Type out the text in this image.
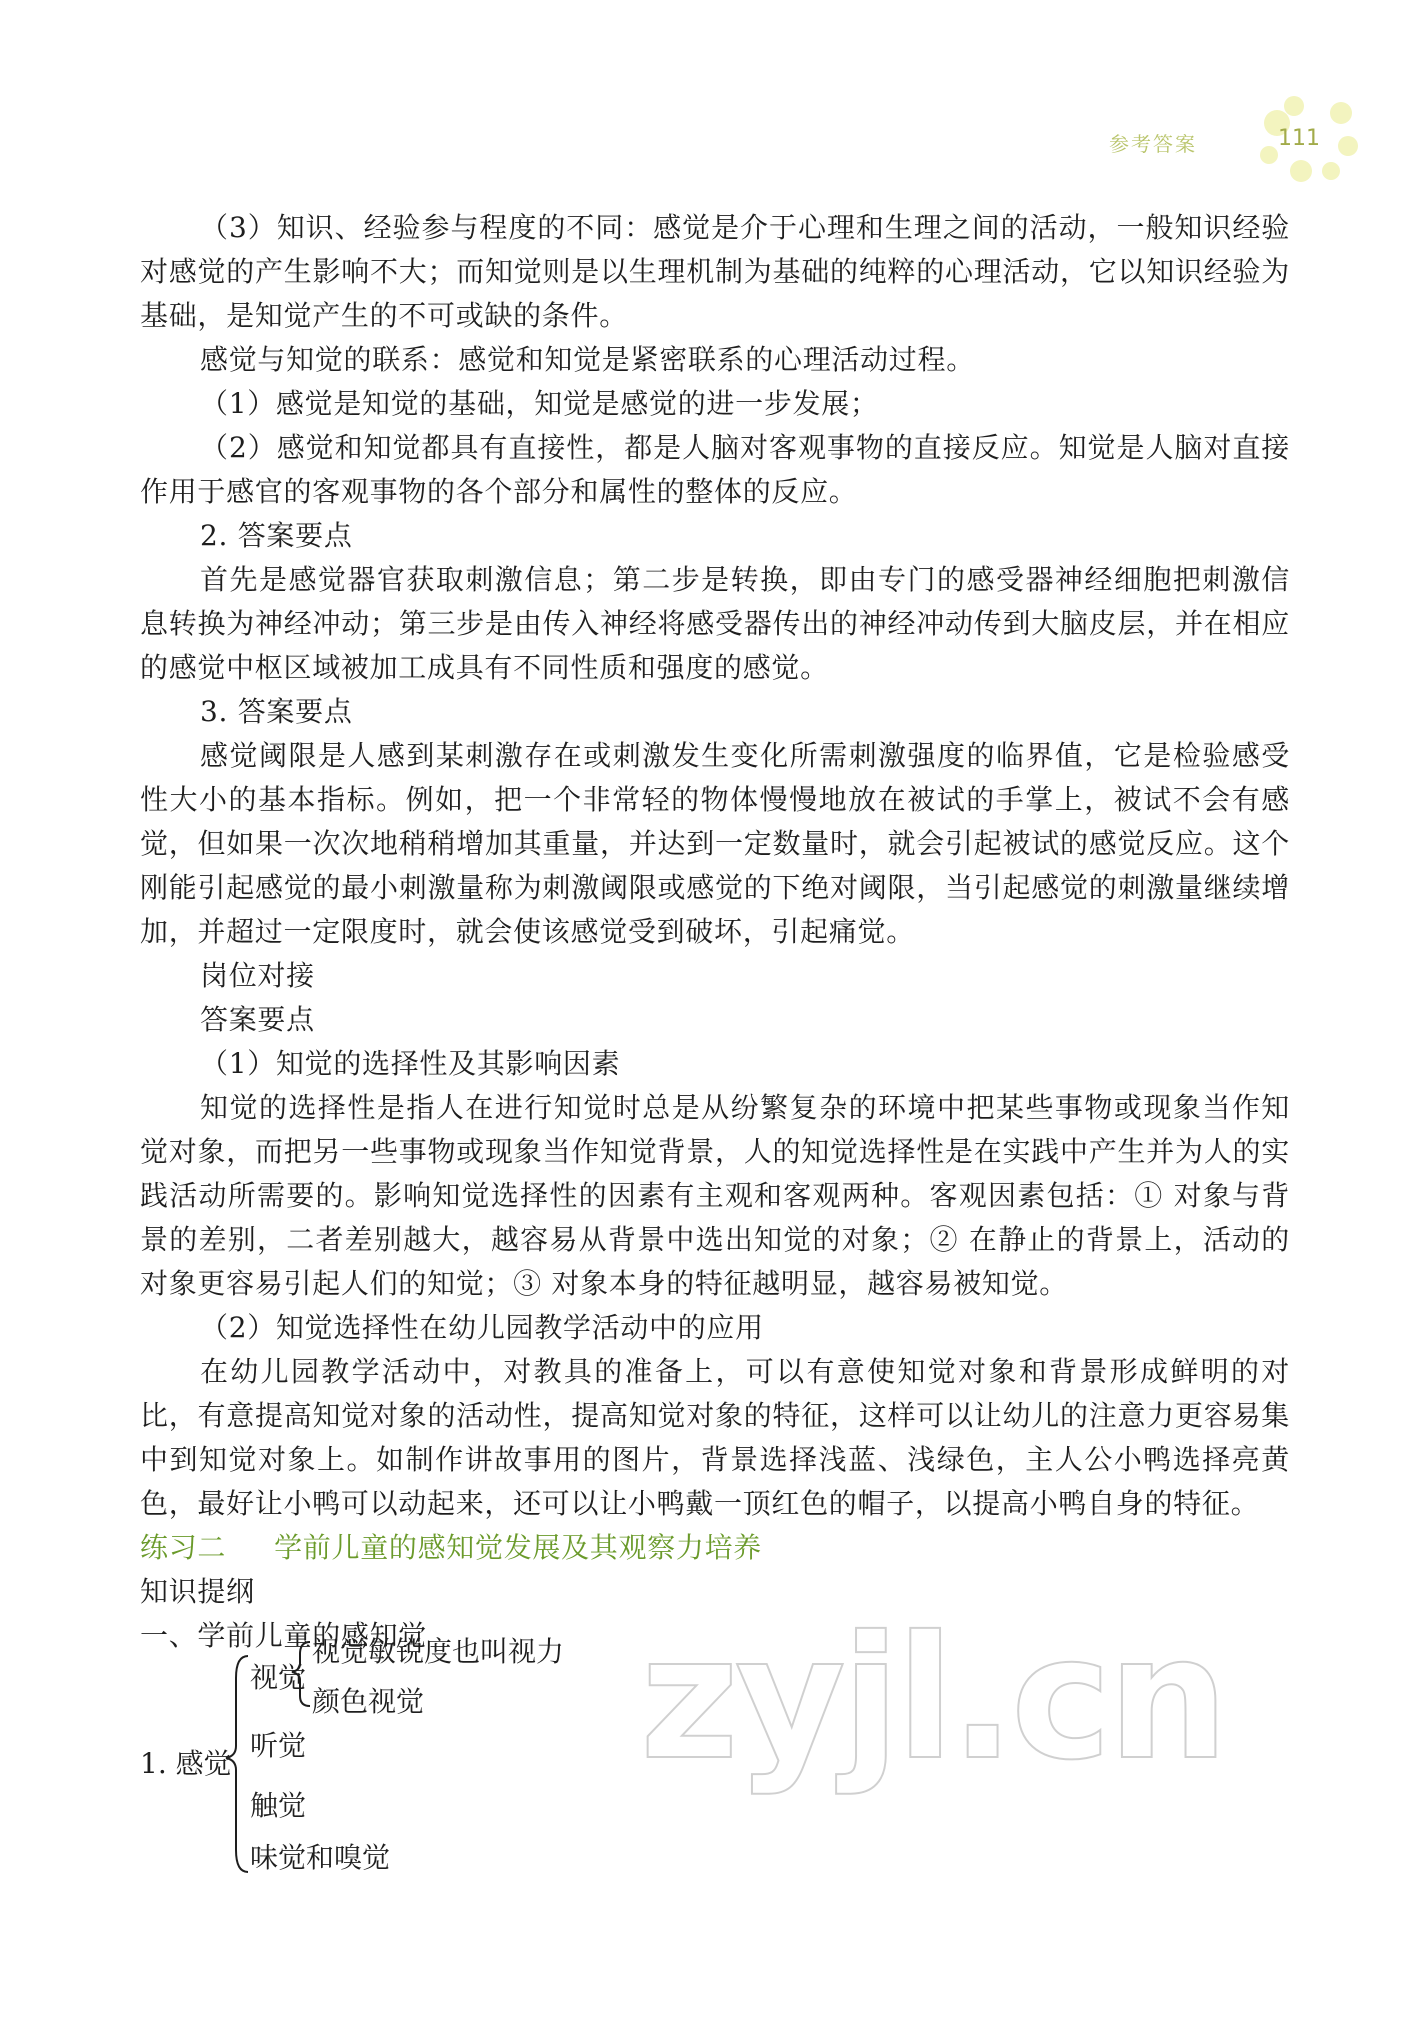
参考答案	111

（3）知识、经验参与程度的不同：感觉是介于心理和生理之间的活动，一般知识经验对感觉的产生影响不大；而知觉则是以生理机制为基础的纯粹的心理活动，它以知识经验为基础，是知觉产生的不可或缺的条件。

感觉与知觉的联系：感觉和知觉是紧密联系的心理活动过程。

（1）感觉是知觉的基础，知觉是感觉的进一步发展；

（2）感觉和知觉都具有直接性，都是人脑对客观事物的直接反应。知觉是人脑对直接作用于感官的客观事物的各个部分和属性的整体的反应。

2. 答案要点

首先是感觉器官获取刺激信息；第二步是转换，即由专门的感受器神经细胞把刺激信息转换为神经冲动；第三步是由传入神经将感受器传出的神经冲动传到大脑皮层，并在相应的感觉中枢区域被加工成具有不同性质和强度的感觉。

3. 答案要点

感觉阈限是人感到某刺激存在或刺激发生变化所需刺激强度的临界值，它是检验感受性大小的基本指标。例如，把一个非常轻的物体慢慢地放在被试的手掌上，被试不会有感觉，但如果一次次地稍稍增加其重量，并达到一定数量时，就会引起被试的感觉反应。这个刚能引起感觉的最小刺激量称为刺激阈限或感觉的下绝对阈限，当引起感觉的刺激量继续增加，并超过一定限度时，就会使该感觉受到破坏，引起痛觉。

岗位对接

答案要点

（1）知觉的选择性及其影响因素

知觉的选择性是指人在进行知觉时总是从纷繁复杂的环境中把某些事物或现象当作知觉对象，而把另一些事物或现象当作知觉背景，人的知觉选择性是在实践中产生并为人的实践活动所需要的。影响知觉选择性的因素有主观和客观两种。客观因素包括：① 对象与背景的差别，二者差别越大，越容易从背景中选出知觉的对象；② 在静止的背景上，活动的对象更容易引起人们的知觉；③ 对象本身的特征越明显，越容易被知觉。

（2）知觉选择性在幼儿园教学活动中的应用

在幼儿园教学活动中，对教具的准备上，可以有意使知觉对象和背景形成鲜明的对比，有意提高知觉对象的活动性，提高知觉对象的特征，这样可以让幼儿的注意力更容易集中到知觉对象上。如制作讲故事用的图片，背景选择浅蓝、浅绿色，主人公小鸭选择亮黄色，最好让小鸭可以动起来，还可以让小鸭戴一顶红色的帽子，以提高小鸭自身的特征。

练习二 学前儿童的感知觉发展及其观察力培养

知识提纲

一、学前儿童的感知觉

1. 感觉
视觉
视觉敏锐度也叫视力
颜色视觉
听觉
触觉
味觉和嗅觉
zyjl.cn
